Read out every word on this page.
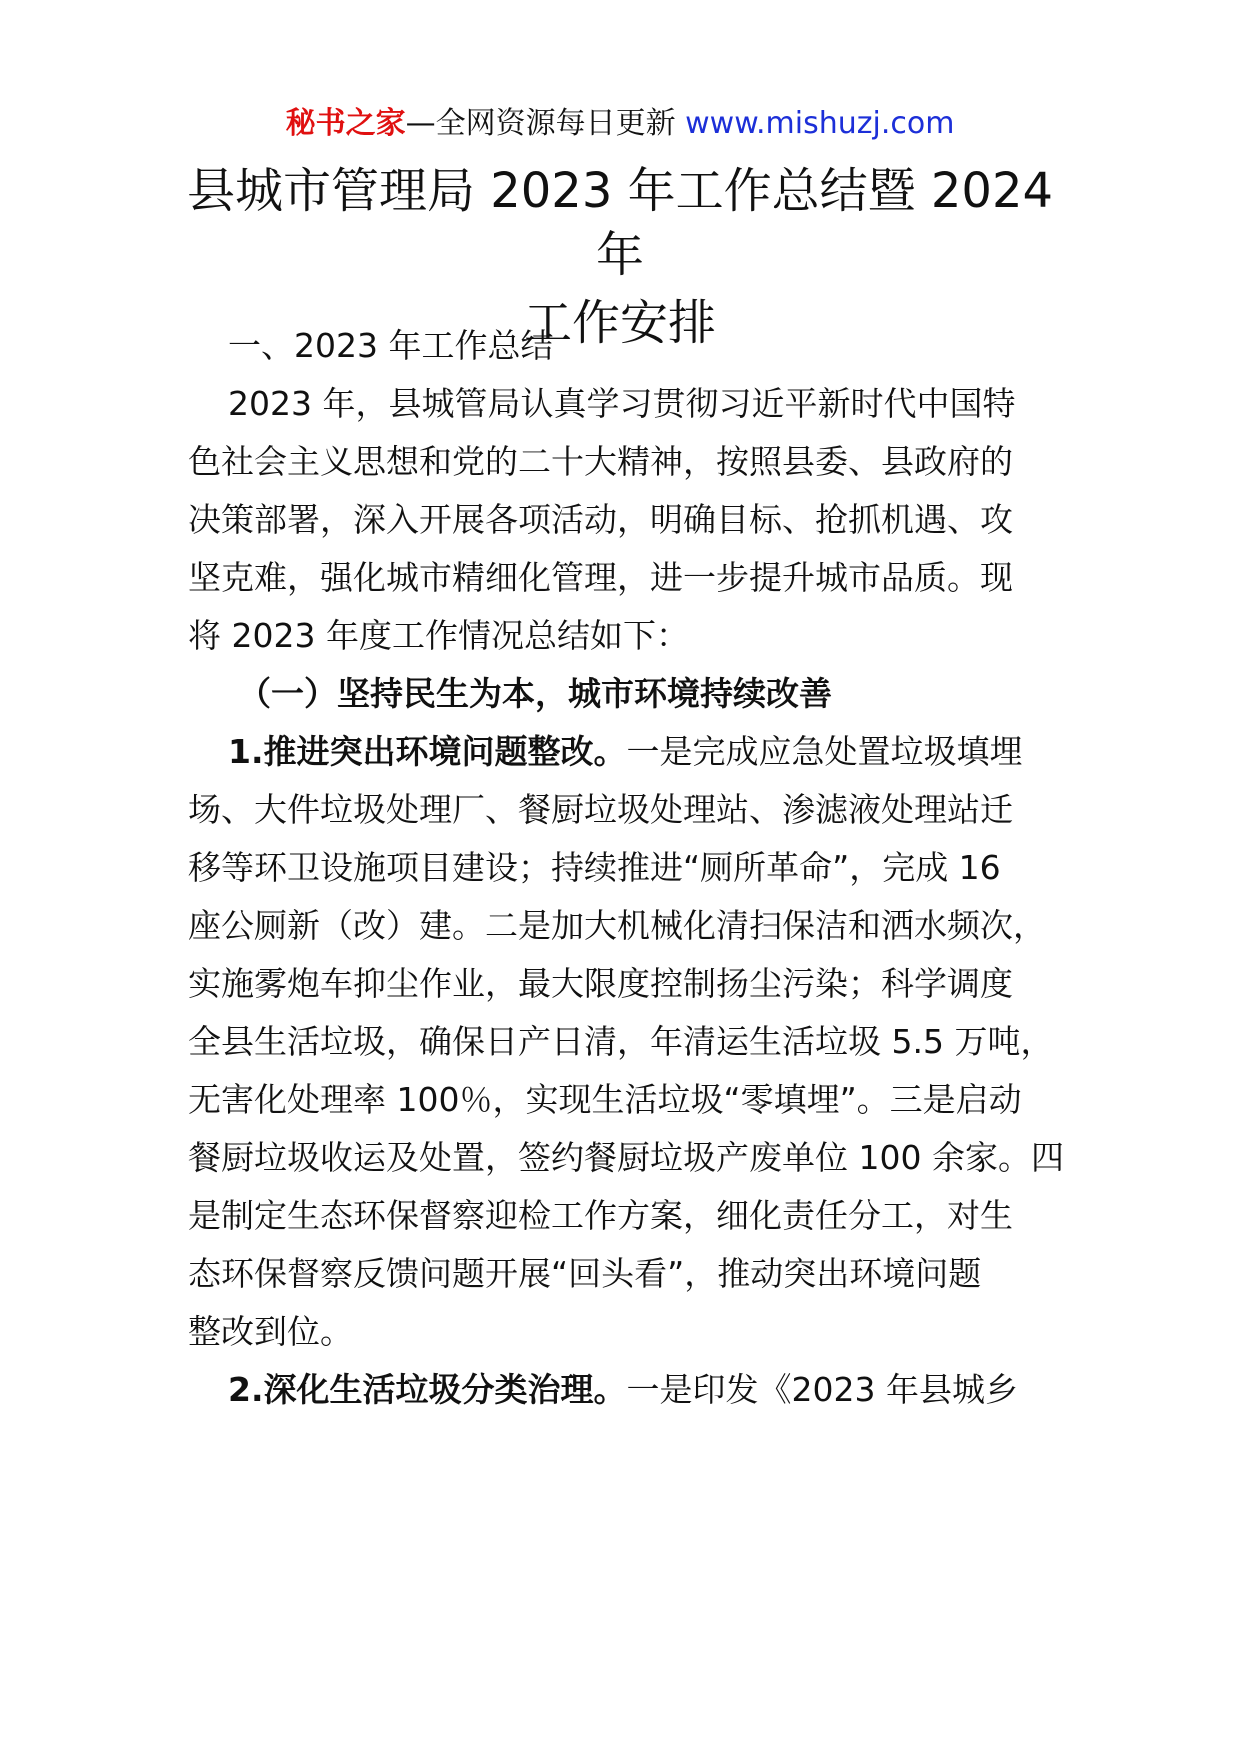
秘书之家—全网资源每日更新 www.mishuzj.com
县城市管理局 2023 年工作总结暨 2024
年
工作安排
一、2023 年工作总结
2023 年，县城管局认真学习贯彻习近平新时代中国特
色社会主义思想和党的二十大精神，按照县委、县政府的
决策部署，深入开展各项活动，明确目标、抢抓机遇、攻
坚克难，强化城市精细化管理，进一步提升城市品质。现
将 2023 年度工作情况总结如下：
（一）坚持民生为本，城市环境持续改善
1.推进突出环境问题整改。一是完成应急处置垃圾填埋
场、大件垃圾处理厂、餐厨垃圾处理站、渗滤液处理站迁
移等环卫设施项目建设；持续推进“厕所革命”，完成 16
座公厕新（改）建。二是加大机械化清扫保洁和洒水频次，
实施雾炮车抑尘作业，最大限度控制扬尘污染；科学调度
全县生活垃圾，确保日产日清，年清运生活垃圾 5.5 万吨，
无害化处理率 100％，实现生活垃圾“零填埋”。三是启动
餐厨垃圾收运及处置，签约餐厨垃圾产废单位 100 余家。四
是制定生态环保督察迎检工作方案，细化责任分工，对生
态环保督察反馈问题开展“回头看”，推动突出环境问题
整改到位。
2.深化生活垃圾分类治理。一是印发《2023 年县城乡
